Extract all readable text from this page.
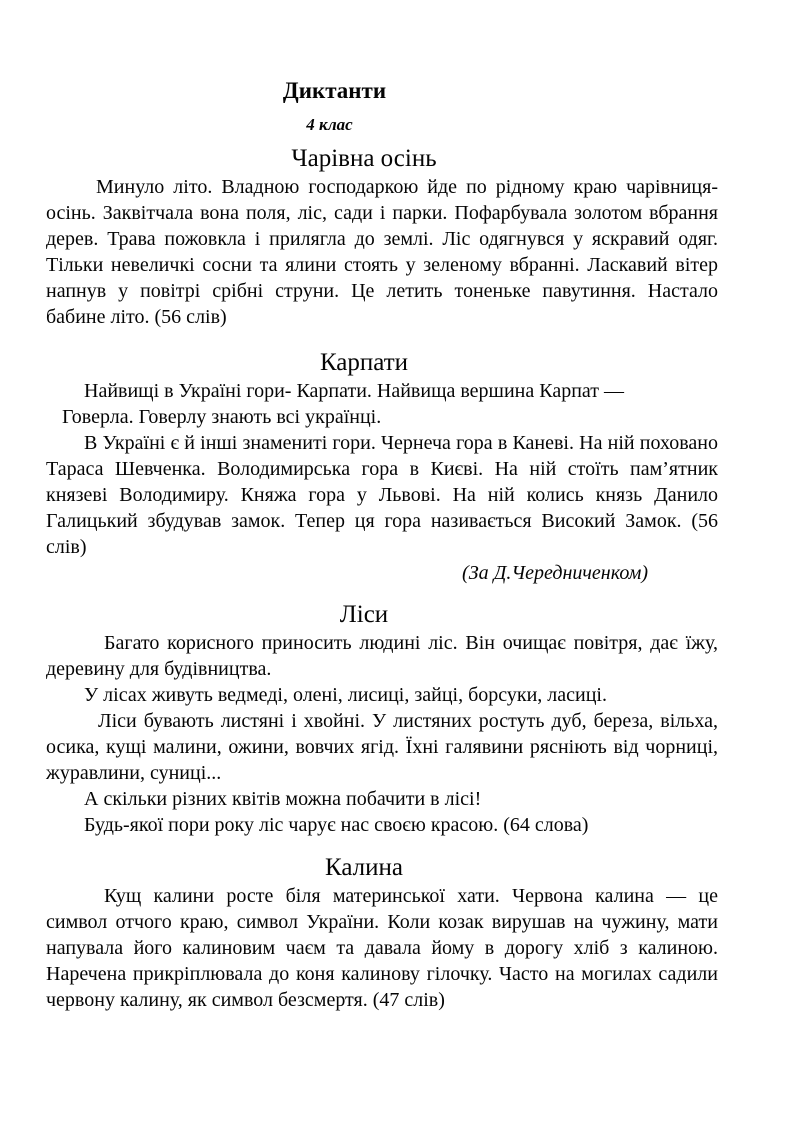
Диктанти
4 клас
Чарівна осінь

Минуло літо. Владною господаркою йде по рідному краю чарівниця-осінь. Заквітчала вона поля, ліс, сади і парки. Пофарбувала золотом вбрання дерев. Трава пожовкла і прилягла до землі. Ліс одягнувся у яскравий одяг. Тільки невеличкі сосни та ялини стоять у зеленому вбранні. Ласкавий вітер напнув у повітрі срібні струни. Це летить тоненьке павутиння. Настало бабине літо. (56 слів)

Карпати

Найвищі в Україні гори- Карпати. Найвища вершина Карпат —

Говерла. Говерлу знають всі українці.

В Україні є й інші знамениті гори. Чернеча гора в Каневі. На ній поховано Тараса Шевченка. Володимирська гора в Києві. На ній стоїть пам’ятник князеві Володимиру. Княжа гора у Львові. На ній колись князь Данило Галицький збудував замок. Тепер ця гора називається Високий Замок. (56 слів)

(За Д.Чередниченком)

Ліси

Багато корисного приносить людині ліс. Він очищає повітря, дає їжу, деревину для будівництва.

У лісах живуть ведмеді, олені, лисиці, зайці, борсуки, ласиці.

Ліси бувають листяні і хвойні. У листяних ростуть дуб, береза, вільха, осика, кущі малини, ожини, вовчих ягід. Їхні галявини рясніють від чорниці, журавлини, суниці...

А скільки різних квітів можна побачити в лісі!

Будь-якої пори року ліс чарує нас своєю красою. (64 слова)

Калина

Кущ калини росте біля материнської хати. Червона калина — це символ отчого краю, символ України. Коли козак вирушав на чужину, мати напувала його калиновим чаєм та давала йому в дорогу хліб з калиною. Наречена прикріплювала до коня калинову гілочку. Часто на могилах садили червону калину, як символ безсмертя. (47 слів)
